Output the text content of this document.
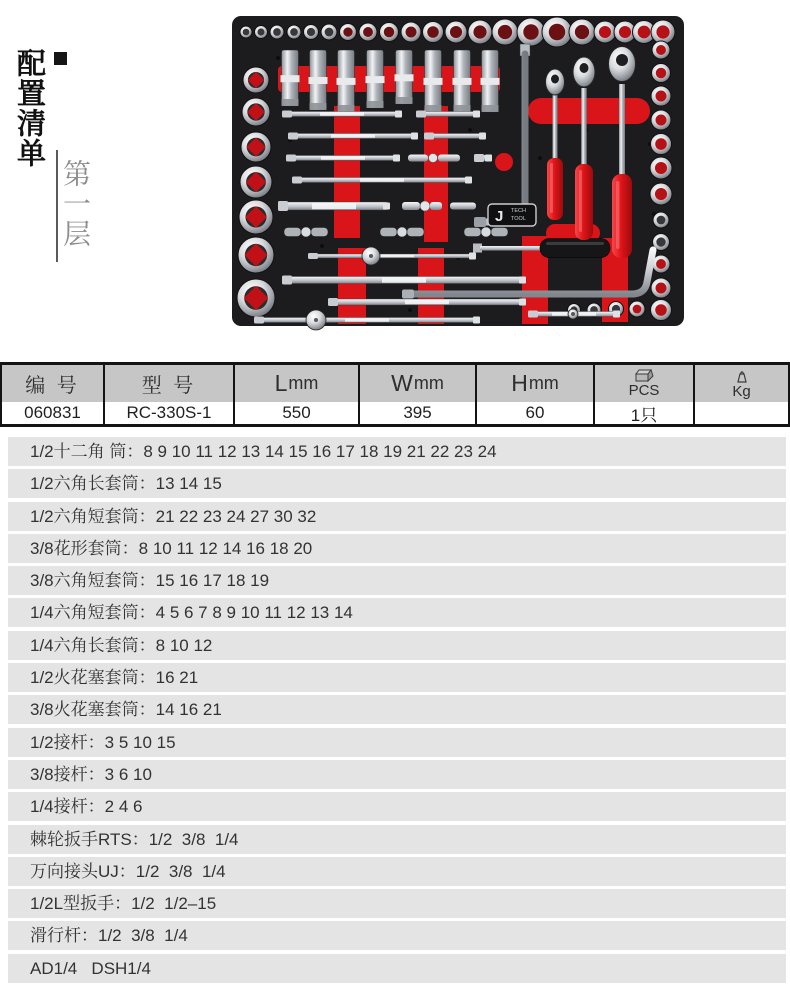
配置清单
第一层	J TECH
TOOL
编 号	型 号	L mm	W mm	H mm	PCS	Kg
060831	RC-330S-1	550	395	60	1只
1/2十二角 筒：8 9 10 11 12 13 14 15 16 17 18 19 21 22 23 24
1/2六角长套筒：13 14 15
1/2六角短套筒：21 22 23 24 27 30 32
3/8花形套筒：8 10 11 12 14 16 18 20
3/8六角短套筒：15 16 17 18 19
1/4六角短套筒：4 5 6 7 8 9 10 11 12 13 14
1/4六角长套筒：8 10 12
1/2火花塞套筒：16 21
3/8火花塞套筒：14 16 21
1/2接杆：3 5 10 15
3/8接杆：3 6 10
1/4接杆：2 4 6
棘轮扳手RTS：1/2  3/8  1/4
万向接头UJ：1/2  3/8  1/4
1/2L型扳手：1/2  1/2–15
滑行杆：1/2  3/8  1/4
AD1/4   DSH1/4
